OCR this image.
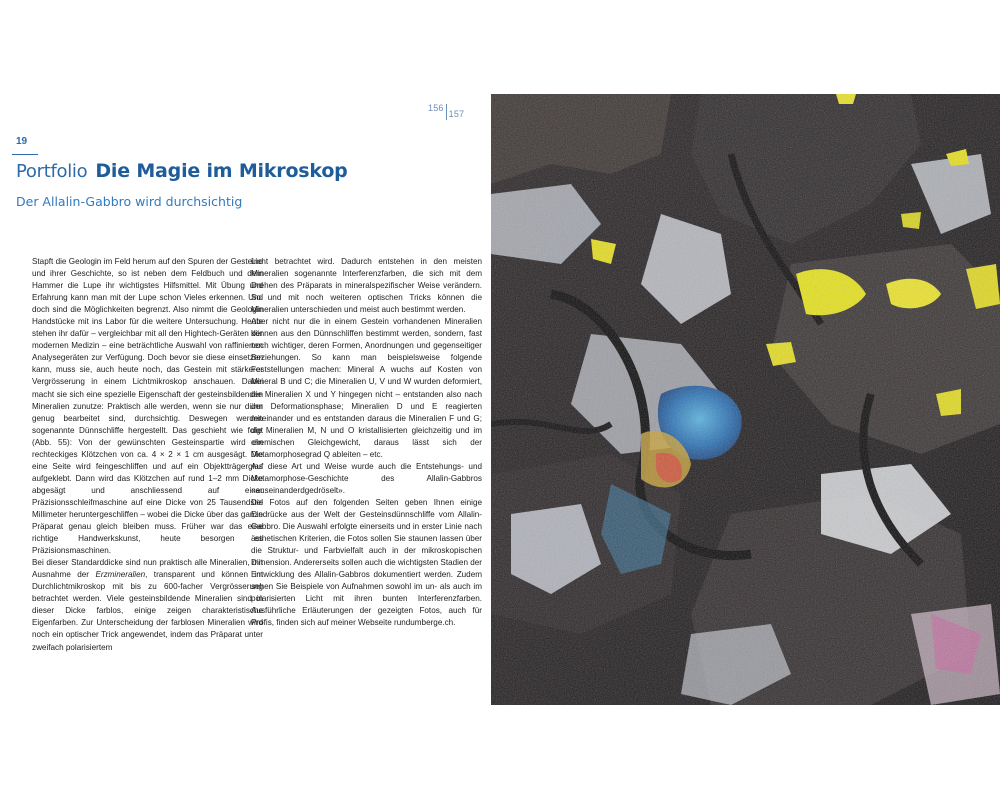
156157
19
Portfolio Die Magie im Mikroskop
Der Allalin-Gabbro wird durchsichtig

Stapft die Geologin im Feld herum auf den Spuren der Gesteine und ihrer Geschichte, so ist neben dem Feldbuch und dem Hammer die Lupe ihr wichtigstes Hilfsmittel. Mit Übung und Erfahrung kann man mit der Lupe schon Vieles erkennen. Und doch sind die Möglichkeiten begrenzt. Also nimmt die Geologin Handstücke mit ins Labor für die weitere Untersuchung. Heute stehen ihr dafür – vergleichbar mit all den Hightech-Geräten der modernen Medizin – eine beträchtliche Auswahl von raffinierten Analysegeräten zur Verfügung. Doch bevor sie diese einsetzen kann, muss sie, auch heute noch, das Gestein mit stärkerer Vergrösserung in einem Lichtmikroskop anschauen. Dabei macht sie sich eine spezielle Eigenschaft der gesteinsbildenden Mineralien zunutze: Praktisch alle werden, wenn sie nur dünn genug bearbeitet sind, durchsichtig. Deswegen werden sogenannte Dünnschliffe hergestellt. Das geschieht wie folgt (Abb. 55): Von der gewünschten Gesteinspartie wird ein rechteckiges Klötzchen von ca. 4 × 2 × 1 cm ausgesägt. Die eine Seite wird feingeschliffen und auf ein Objektträgerglas aufgeklebt. Dann wird das Klötzchen auf rund 1–2 mm Dicke abgesägt und anschliessend auf einer Präzisionsschleifmaschine auf eine Dicke von 25 Tausendstel Millimeter heruntergeschliffen – wobei die Dicke über das ganze Präparat genau gleich bleiben muss. Früher war das eine richtige Handwerkskunst, heute besorgen es Präzisionsmaschinen.

Bei dieser Standarddicke sind nun praktisch alle Mineralien, mit Ausnahme der Erzmineralien, transparent und können im Durchlichtmikroskop mit bis zu 600-facher Vergrösserung betrachtet werden. Viele gesteinsbildende Mineralien sind in dieser Dicke farblos, einige zeigen charakteristische Eigenfarben. Zur Unterscheidung der farblosen Mineralien wird noch ein optischer Trick angewendet, indem das Präparat unter zweifach polarisiertem

Licht betrachtet wird. Dadurch entstehen in den meisten Mineralien sogenannte Interferenzfarben, die sich mit dem Drehen des Präparats in mineralspezifischer Weise verändern. So und mit noch weiteren optischen Tricks können die Mineralien unterschieden und meist auch bestimmt werden.

Aber nicht nur die in einem Gestein vorhandenen Mineralien können aus den Dünnschliffen bestimmt werden, sondern, fast noch wichtiger, deren Formen, Anordnungen und gegenseitiger Beziehungen. So kann man beispielsweise folgende Feststellungen machen: Mineral A wuchs auf Kosten von Mineral B und C; die Mineralien U, V und W wurden deformiert, die Mineralien X und Y hingegen nicht – entstanden also nach der Deformationsphase; Mineralien D und E reagierten miteinander und es entstanden daraus die Mineralien F und G; die Mineralien M, N und O kristallisierten gleichzeitig und im chemischen Gleichgewicht, daraus lässt sich der Metamorphosegrad Q ableiten – etc.

Auf diese Art und Weise wurde auch die Entstehungs- und Metamorphose-Geschichte des Allalin-Gabbros «auseinanderdgedröselt».

Die Fotos auf den folgenden Seiten geben Ihnen einige Eindrücke aus der Welt der Gesteinsdünnschliffe vom Allalin-Gabbro. Die Auswahl erfolgte einerseits und in erster Linie nach ästhetischen Kriterien, die Fotos sollen Sie staunen lassen über die Struktur- und Farbvielfalt auch in der mikroskopischen Dimension. Andererseits sollen auch die wichtigsten Stadien der Entwicklung des Allalin-Gabbros dokumentiert werden. Zudem sehen Sie Beispiele von Aufnahmen sowohl im un- als auch im polarisierten Licht mit ihren bunten Interferenzfarben. Ausführliche Erläuterungen der gezeigten Fotos, auch für Profis, finden sich auf meiner Webseite rundumberge.ch.
